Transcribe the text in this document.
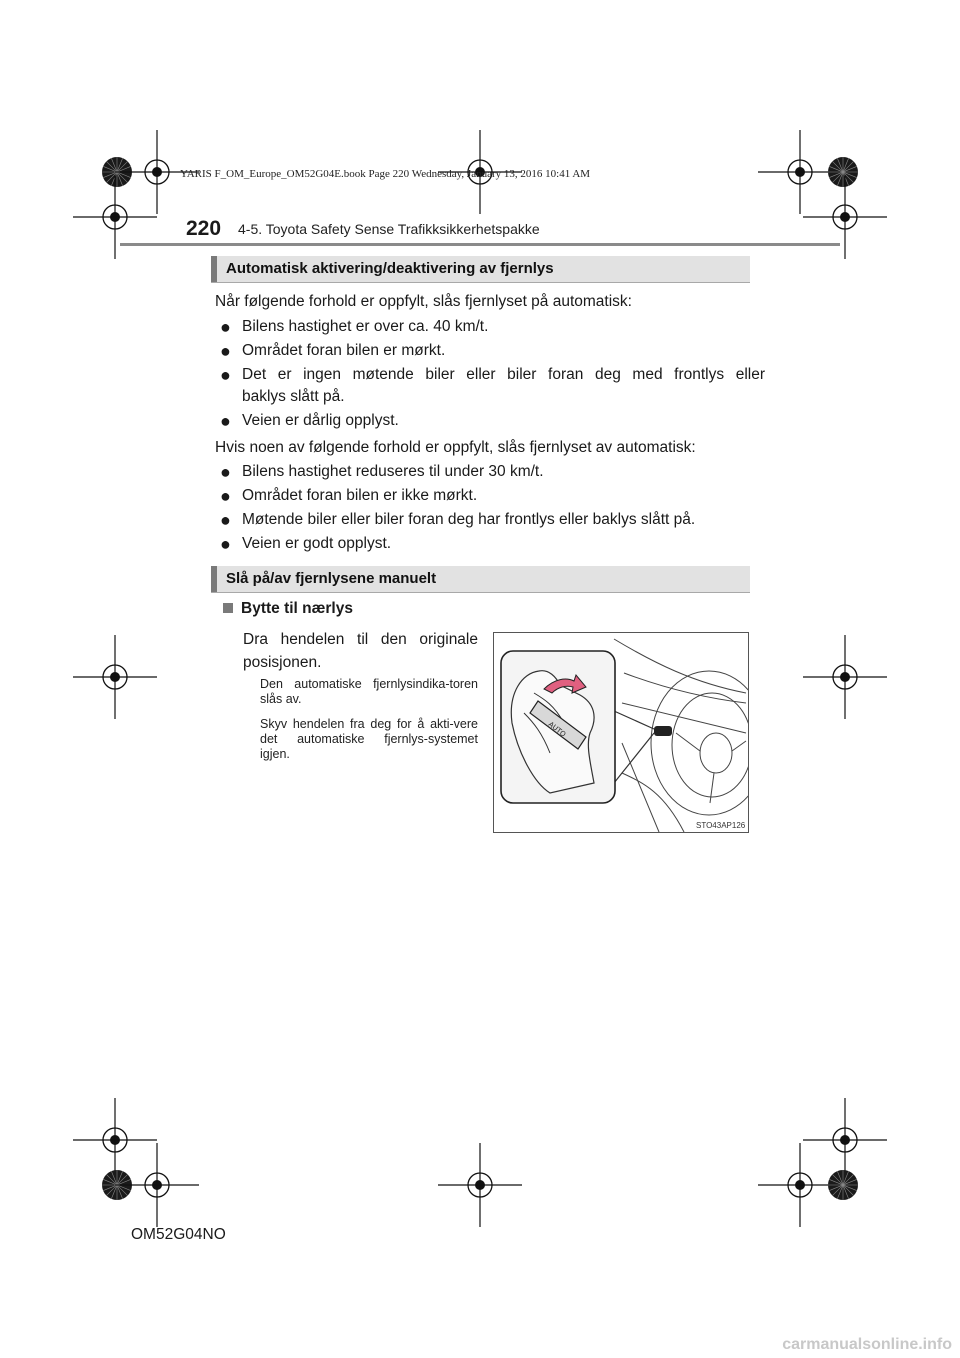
YARIS F_OM_Europe_OM52G04E.book Page 220 Wednesday, January 13, 2016 10:41 AM
220 4-5. Toyota Safety Sense Trafikksikkerhetspakke
Automatisk aktivering/deaktivering av fjernlys
Når følgende forhold er oppfylt, slås fjernlyset på automatisk:
● Bilens hastighet er over ca. 40 km/t.
● Området foran bilen er mørkt.
● Det er ingen møtende biler eller biler foran deg med frontlys eller
baklys slått på.
● Veien er dårlig opplyst.
Hvis noen av følgende forhold er oppfylt, slås fjernlyset av automatisk:
● Bilens hastighet reduseres til under 30 km/t.
● Området foran bilen er ikke mørkt.
● Møtende biler eller biler foran deg har frontlys eller baklys slått på.
● Veien er godt opplyst.
Slå på/av fjernlysene manuelt
Bytte til nærlys
Dra hendelen til den originale posisjonen.
Den automatiske fjernlysindika-toren slås av.
Skyv hendelen fra deg for å akti-vere det automatiske fjernlys-systemet igjen.
AUTO
STO43AP126
OM52G04NO
carmanualsonline.info
